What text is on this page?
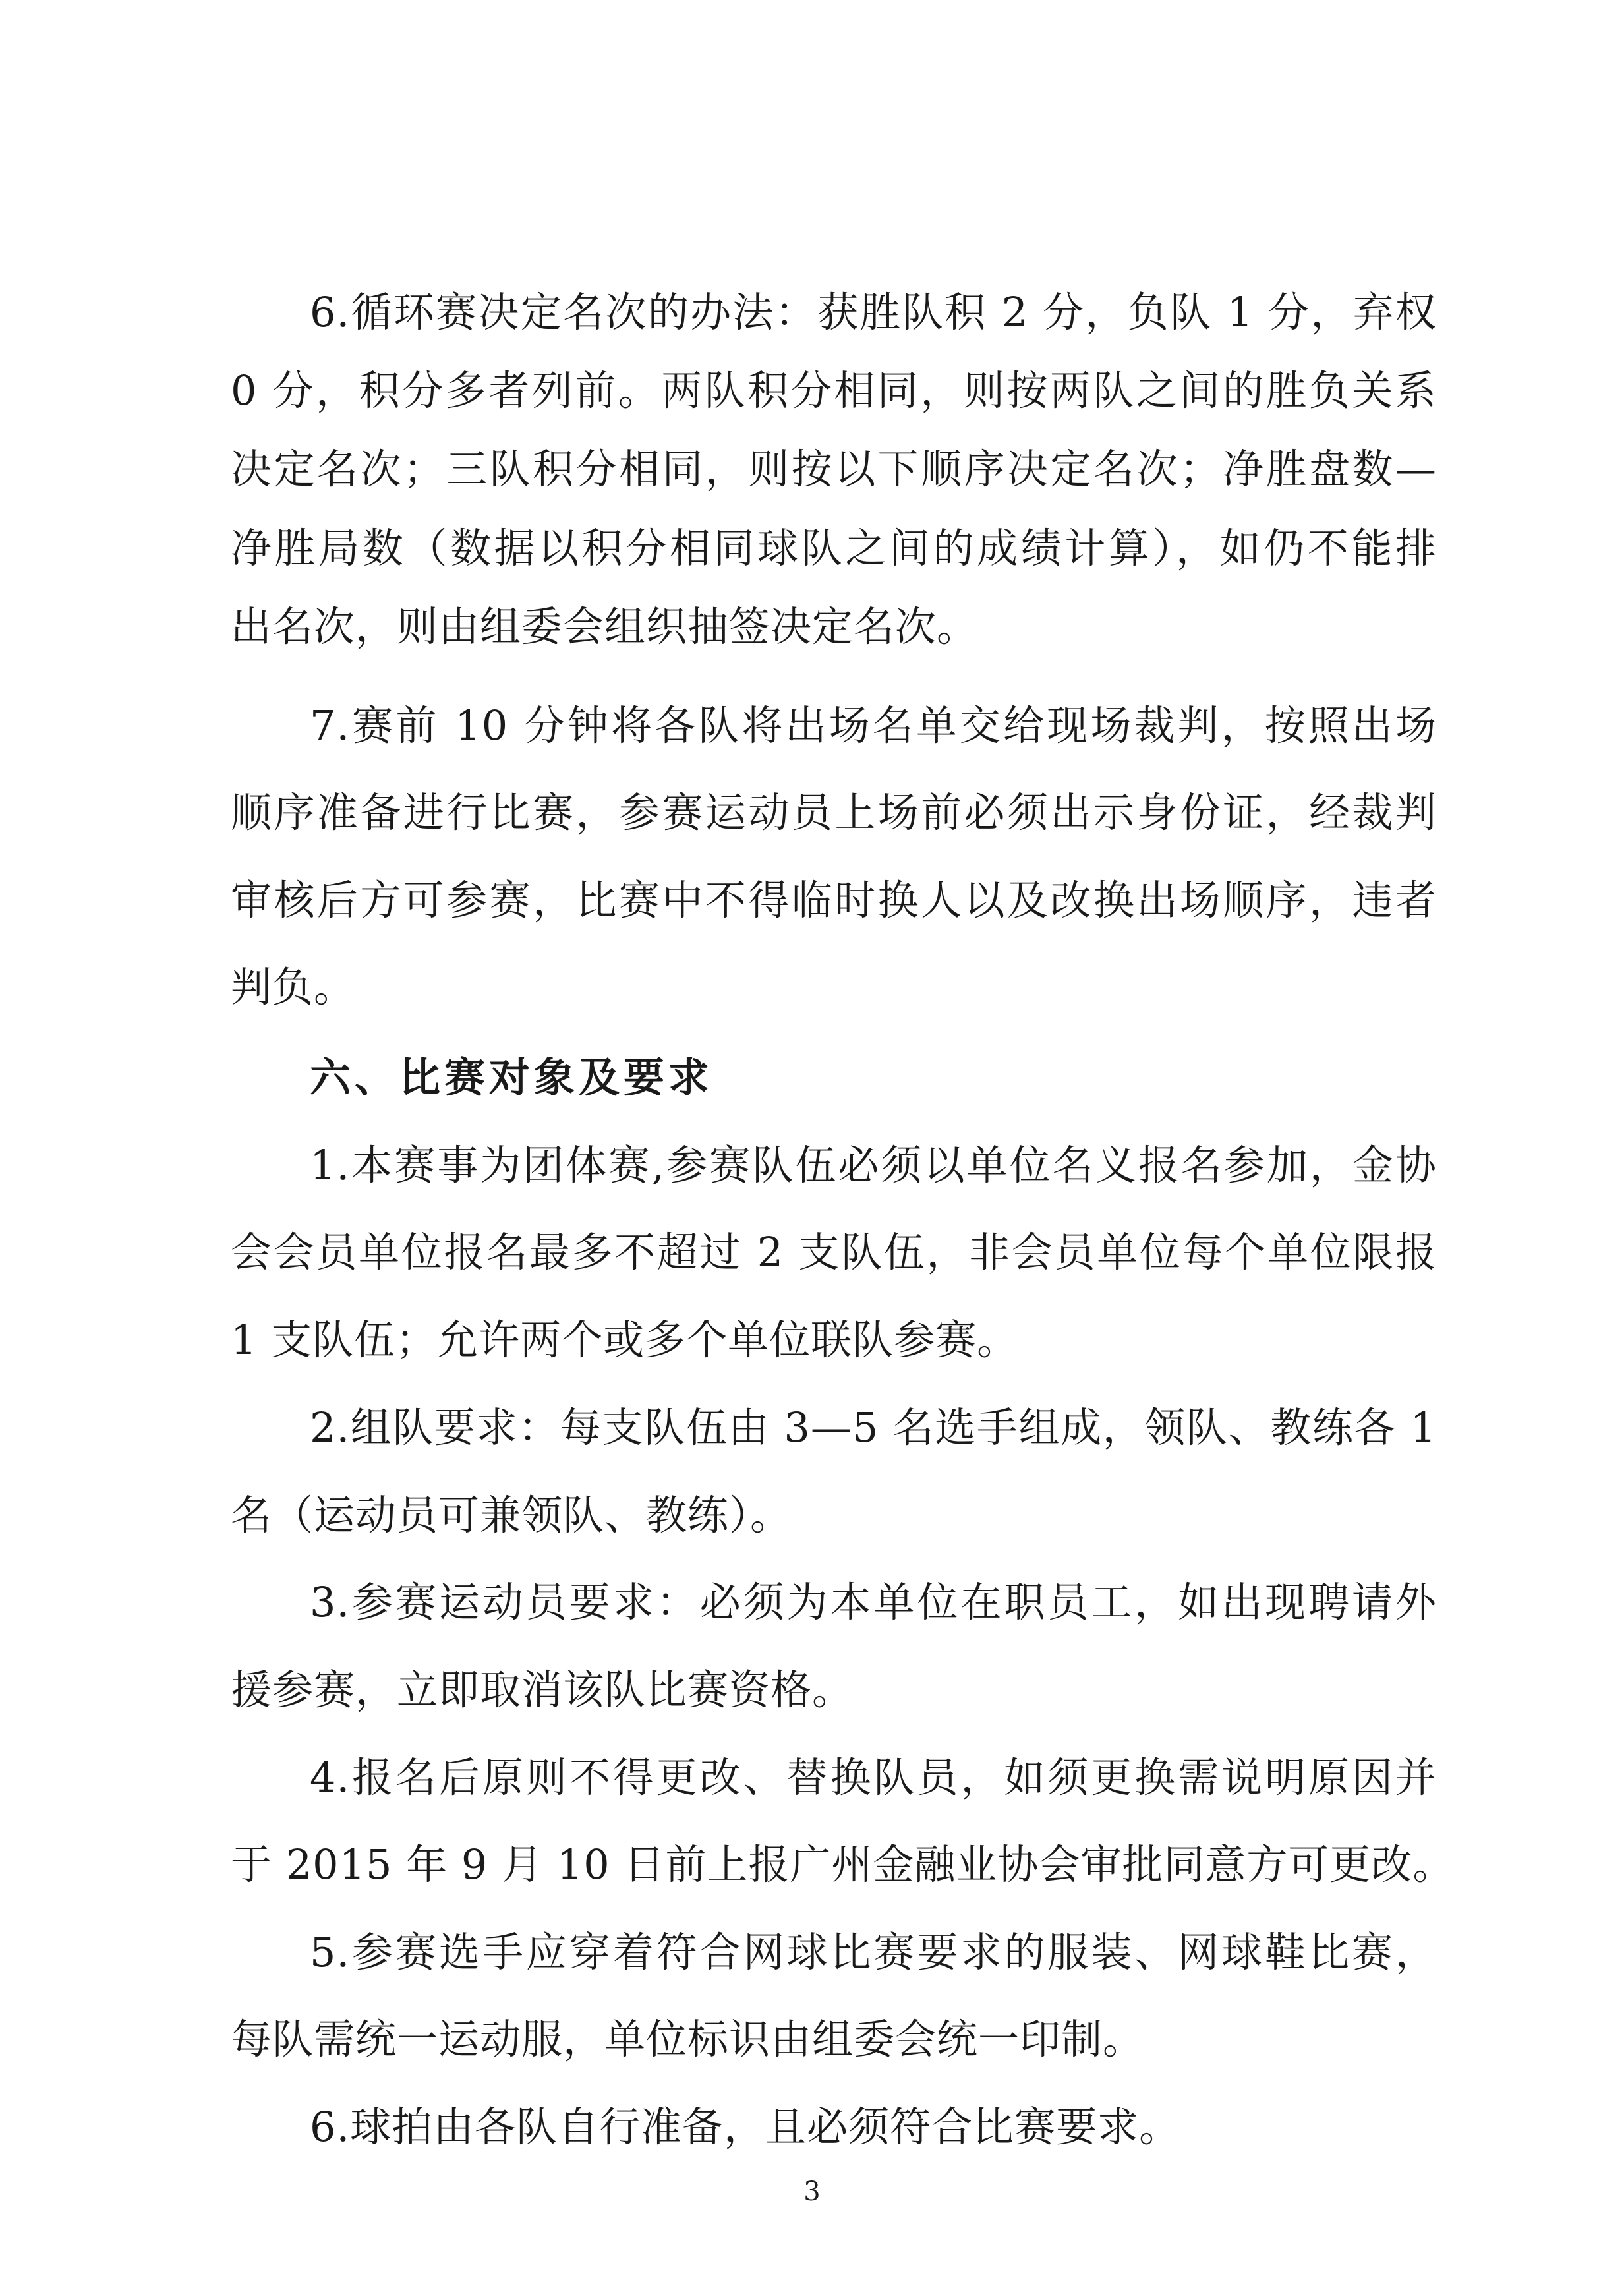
6.循环赛决定名次的办法：获胜队积 2 分，负队 1 分，弃权
0 分，积分多者列前。两队积分相同，则按两队之间的胜负关系
决定名次；三队积分相同，则按以下顺序决定名次；净胜盘数—
净胜局数（数据以积分相同球队之间的成绩计算），如仍不能排
出名次，则由组委会组织抽签决定名次。
7.赛前 10 分钟将各队将出场名单交给现场裁判，按照出场
顺序准备进行比赛，参赛运动员上场前必须出示身份证，经裁判
审核后方可参赛，比赛中不得临时换人以及改换出场顺序，违者
判负。
六、比赛对象及要求
1.本赛事为团体赛,参赛队伍必须以单位名义报名参加，金协
会会员单位报名最多不超过 2 支队伍，非会员单位每个单位限报
1 支队伍；允许两个或多个单位联队参赛。
2.组队要求：每支队伍由 3—5 名选手组成，领队、教练各 1
名（运动员可兼领队、教练）。
3.参赛运动员要求：必须为本单位在职员工，如出现聘请外
援参赛，立即取消该队比赛资格。
4.报名后原则不得更改、替换队员，如须更换需说明原因并
于 2015 年 9 月 10 日前上报广州金融业协会审批同意方可更改。
5.参赛选手应穿着符合网球比赛要求的服装、网球鞋比赛，
每队需统一运动服，单位标识由组委会统一印制。
6.球拍由各队自行准备，且必须符合比赛要求。
3
